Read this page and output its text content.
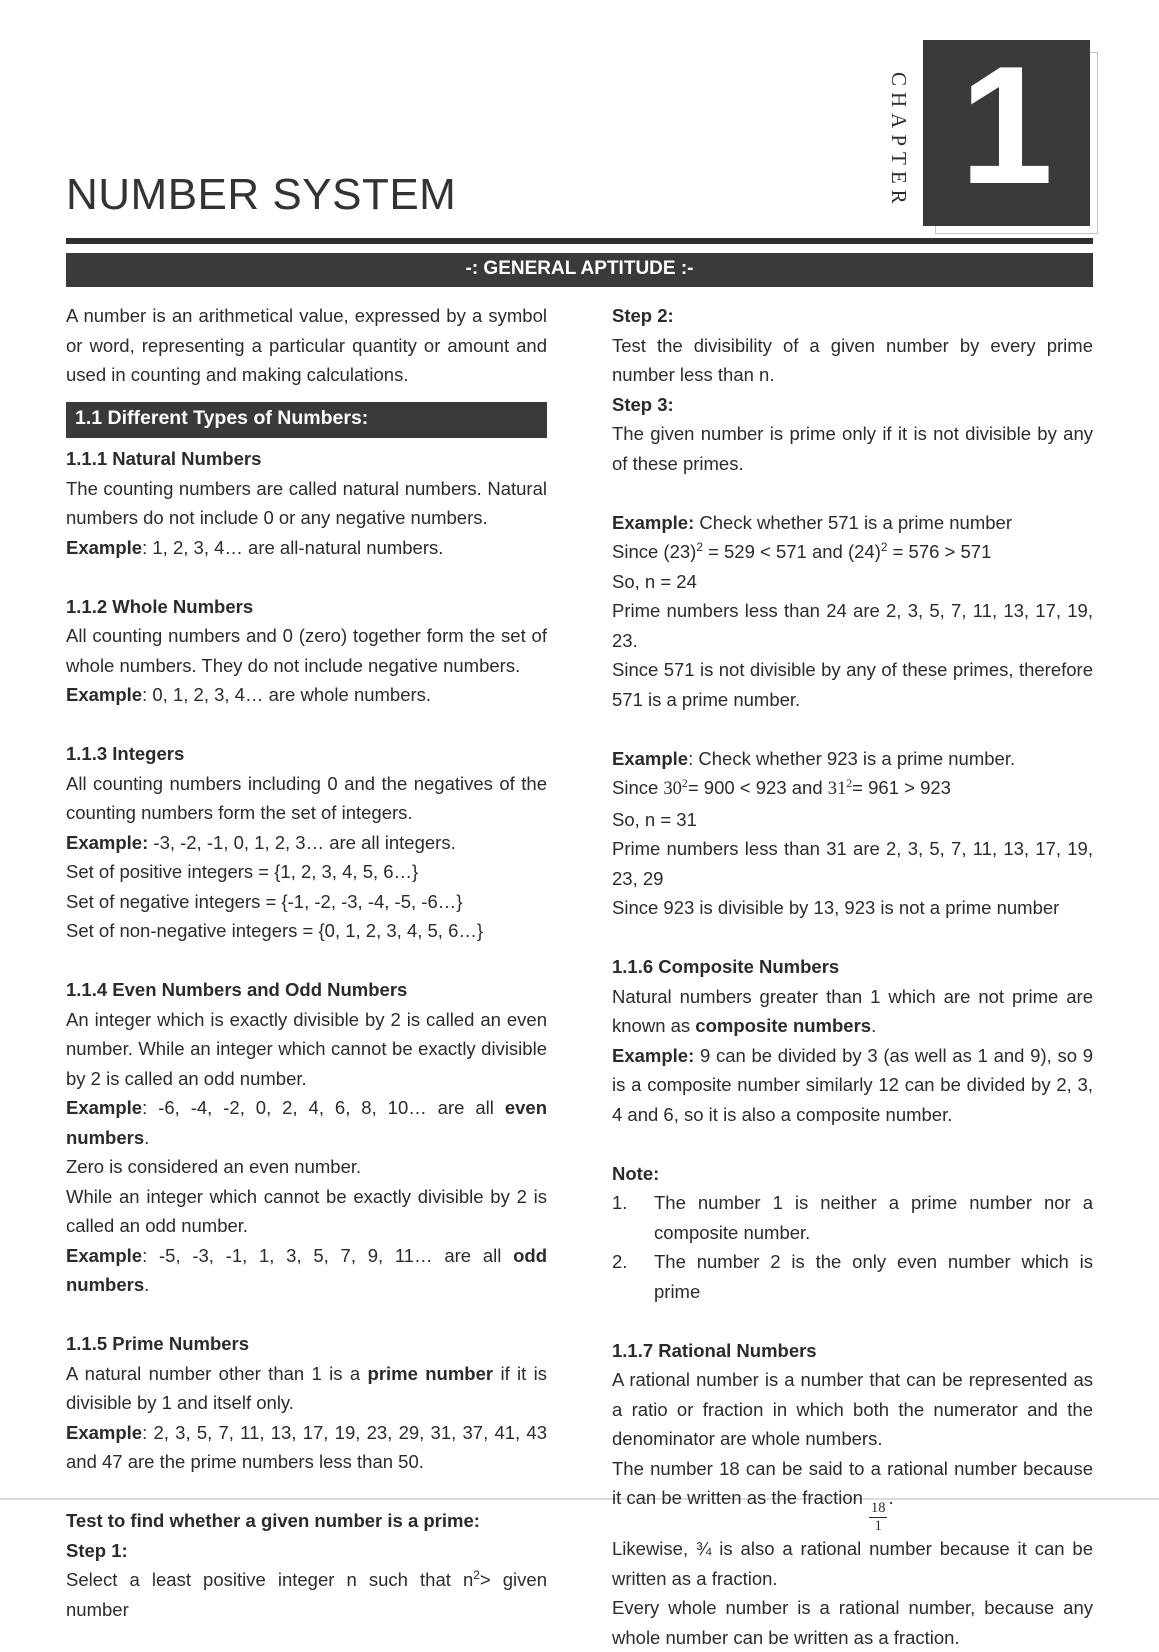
NUMBER SYSTEM	CHAPTER 1
-: GENERAL APTITUDE :-
A number is an arithmetical value, expressed by a symbol or word, representing a particular quantity or amount and used in counting and making calculations.
1.1 Different Types of Numbers:
1.1.1 Natural Numbers
The counting numbers are called natural numbers. Natural numbers do not include 0 or any negative numbers.
Example: 1, 2, 3, 4… are all-natural numbers.
1.1.2 Whole Numbers
All counting numbers and 0 (zero) together form the set of whole numbers. They do not include negative numbers.
Example: 0, 1, 2, 3, 4… are whole numbers.
1.1.3 Integers
All counting numbers including 0 and the negatives of the counting numbers form the set of integers.
Example: -3, -2, -1, 0, 1, 2, 3… are all integers.
Set of positive integers = {1, 2, 3, 4, 5, 6…}
Set of negative integers = {-1, -2, -3, -4, -5, -6…}
Set of non-negative integers = {0, 1, 2, 3, 4, 5, 6…}
1.1.4 Even Numbers and Odd Numbers
An integer which is exactly divisible by 2 is called an even number. While an integer which cannot be exactly divisible by 2 is called an odd number.
Example: -6, -4, -2, 0, 2, 4, 6, 8, 10… are all even numbers.
Zero is considered an even number.
While an integer which cannot be exactly divisible by 2 is called an odd number.
Example: -5, -3, -1, 1, 3, 5, 7, 9, 11… are all odd numbers.
1.1.5 Prime Numbers
A natural number other than 1 is a prime number if it is divisible by 1 and itself only.
Example: 2, 3, 5, 7, 11, 13, 17, 19, 23, 29, 31, 37, 41, 43 and 47 are the prime numbers less than 50.
Test to find whether a given number is a prime:
Step 1:
Select a least positive integer n such that $n^2>$ given number
Step 2:
Test the divisibility of a given number by every prime number less than n.
Step 3:
The given number is prime only if it is not divisible by any of these primes.
Example: Check whether 571 is a prime number
Since $(23)^2 = 529 < 571$ and $(24)^2 = 576 > 571$
So, n = 24
Prime numbers less than 24 are 2, 3, 5, 7, 11, 13, 17, 19, 23.
Since 571 is not divisible by any of these primes, therefore 571 is a prime number.
Example: Check whether 923 is a prime number.
Since $30^2= 900 < 923$ and $31^2= 961 > 923$
So, n = 31
Prime numbers less than 31 are 2, 3, 5, 7, 11, 13, 17, 19, 23, 29
Since 923 is divisible by 13, 923 is not a prime number
1.1.6 Composite Numbers
Natural numbers greater than 1 which are not prime are known as composite numbers.
Example: 9 can be divided by 3 (as well as 1 and 9), so 9 is a composite number similarly 12 can be divided by 2, 3, 4 and 6, so it is also a composite number.
Note:
1.	The number 1 is neither a prime number nor a composite number.
2.	The number 2 is the only even number which is prime
1.1.7 Rational Numbers
A rational number is a number that can be represented as a ratio or fraction in which both the numerator and the denominator are whole numbers.
The number 18 can be said to a rational number because it can be written as the fraction
$\frac{18}{1}$
.
Likewise, ¾ is also a rational number because it can be written as a fraction.
Every whole number is a rational number, because any whole number can be written as a fraction.
